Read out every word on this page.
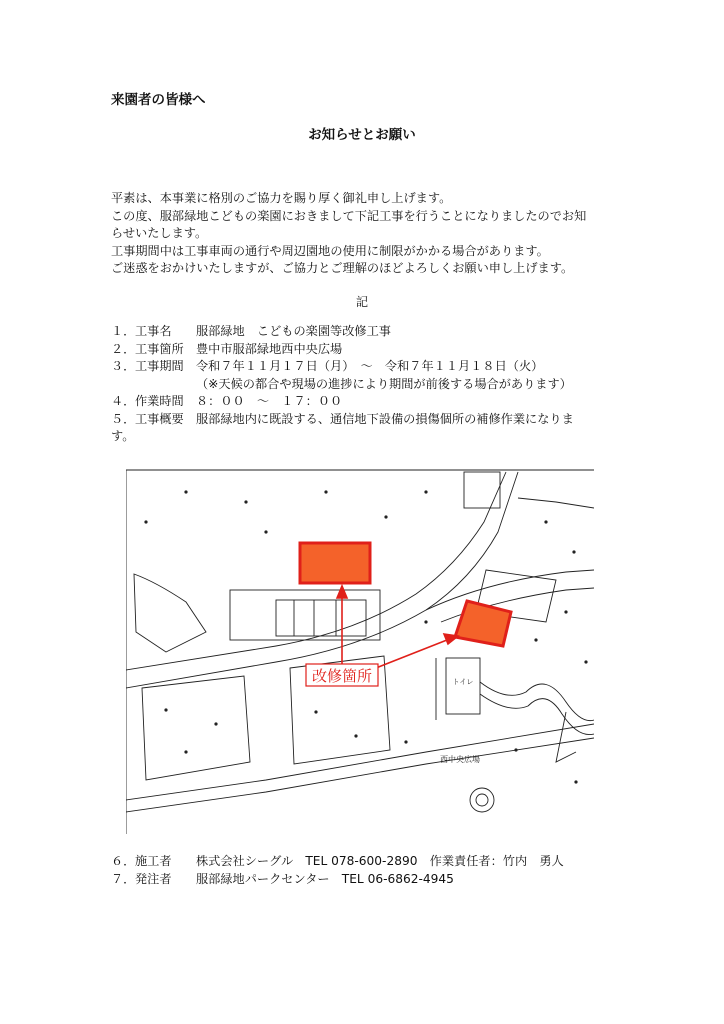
来園者の皆様へ
お知らせとお願い

平素は、本事業に格別のご協力を賜り厚く御礼申し上げます。

この度、服部緑地こどもの楽園におきまして下記工事を行うことになりましたのでお知

らせいたします。

工事期間中は工事車両の通行や周辺園地の使用に制限がかかる場合があります。

ご迷惑をおかけいたしますが、ご協力とご理解のほどよろしくお願い申し上げます。

記
１． 工事名	服部緑地　こどもの楽園等改修工事
２． 工事箇所	豊中市服部緑地西中央広場
３． 工事期間	令和７年１１月１７日（月）　～　令和７年１１月１８日（火）
（※天候の都合や現場の進捗により期間が前後する場合があります）
４． 作業時間	８：００　～　１７：００
５． 工事概要	服部緑地内に既設する、通信地下設備の損傷個所の補修作業になりま
す。
改修箇所	トイレ
西中央広場
６． 施工者	株式会社シーグル　TEL 078-600-2890　作業責任者：竹内　勇人
７． 発注者	服部緑地パークセンター　TEL 06-6862-4945
